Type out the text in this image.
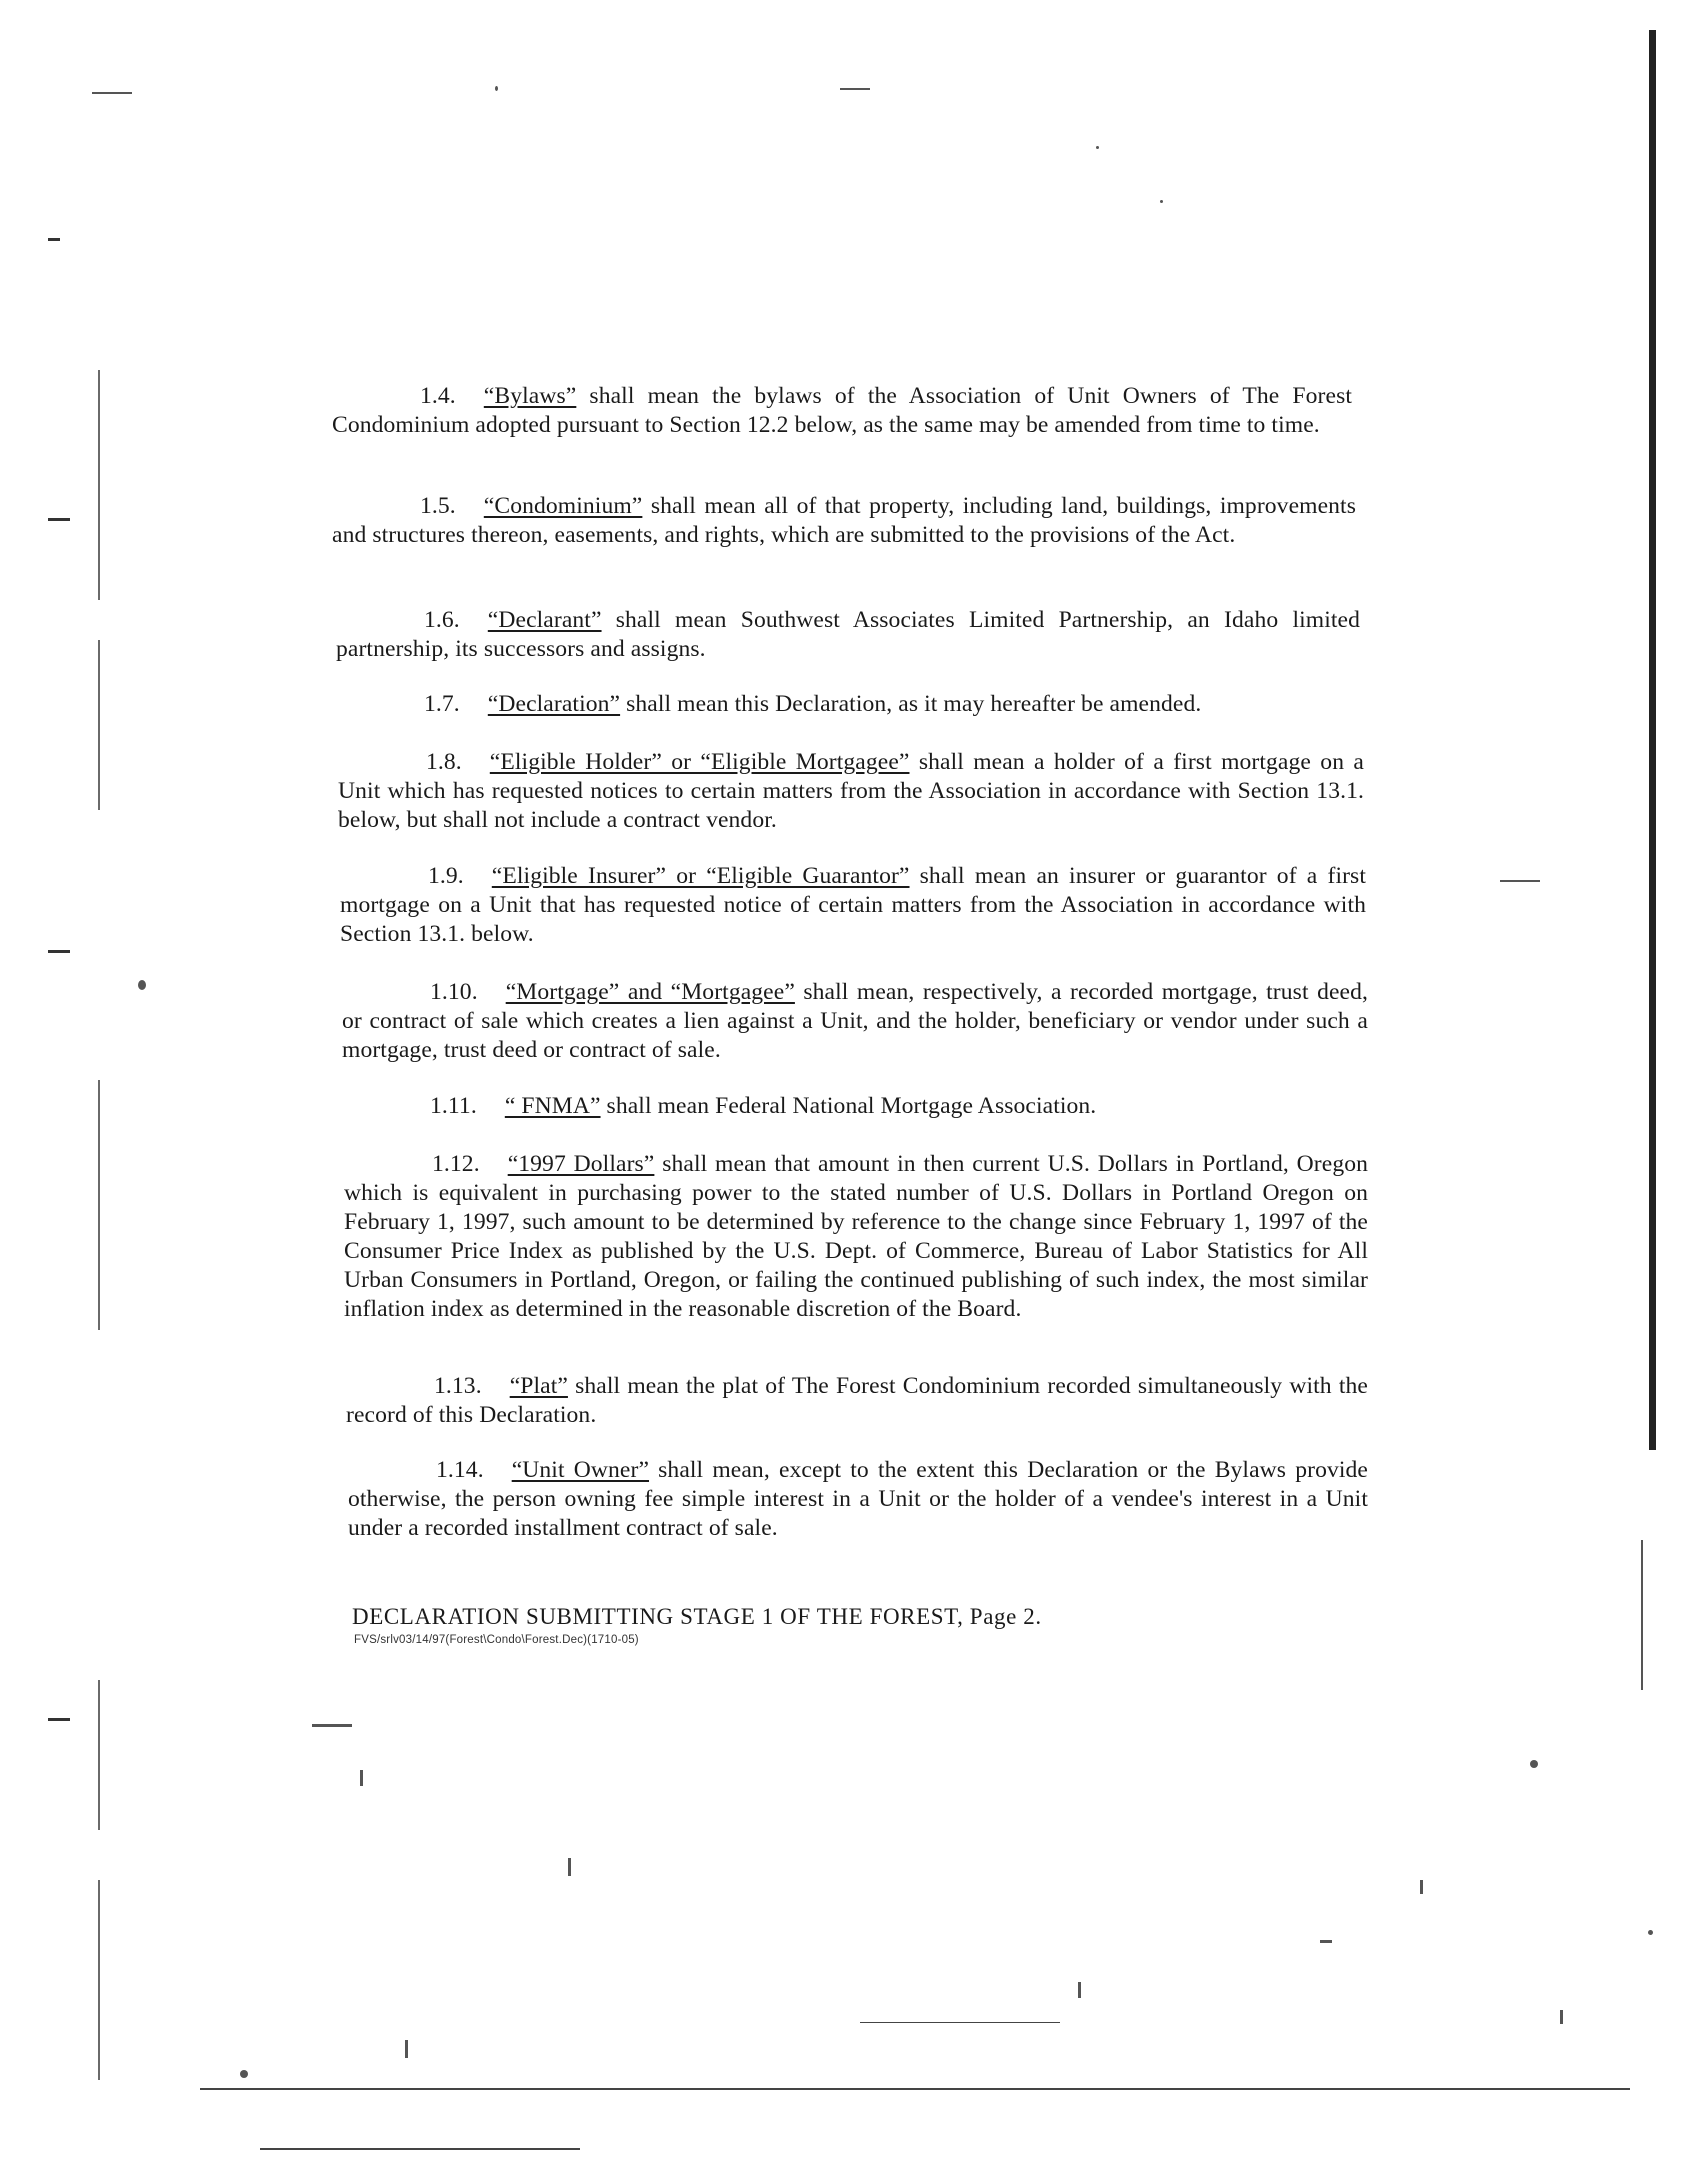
1.4. “Bylaws” shall mean the bylaws of the Association of Unit Owners of The Forest Condominium adopted pursuant to Section 12.2 below, as the same may be amended from time to time.

1.5. “Condominium” shall mean all of that property, including land, buildings, improvements and structures thereon, easements, and rights, which are submitted to the provisions of the Act.

1.6. “Declarant” shall mean Southwest Associates Limited Partnership, an Idaho limited partnership, its successors and assigns.

1.7. “Declaration” shall mean this Declaration, as it may hereafter be amended.

1.8. “Eligible Holder” or “Eligible Mortgagee” shall mean a holder of a first mortgage on a Unit which has requested notices to certain matters from the Association in accordance with Section 13.1. below, but shall not include a contract vendor.

1.9. “Eligible Insurer” or “Eligible Guarantor” shall mean an insurer or guarantor of a first mortgage on a Unit that has requested notice of certain matters from the Association in accordance with Section 13.1. below.

1.10. “Mortgage” and “Mortgagee” shall mean, respectively, a recorded mortgage, trust deed, or contract of sale which creates a lien against a Unit, and the holder, beneficiary or vendor under such a mortgage, trust deed or contract of sale.

1.11. “ FNMA” shall mean Federal National Mortgage Association.

1.12. “1997 Dollars” shall mean that amount in then current U.S. Dollars in Portland, Oregon which is equivalent in purchasing power to the stated number of U.S. Dollars in Portland Oregon on February 1, 1997, such amount to be determined by reference to the change since February 1, 1997 of the Consumer Price Index as published by the U.S. Dept. of Commerce, Bureau of Labor Statistics for All Urban Consumers in Portland, Oregon, or failing the continued publishing of such index, the most similar inflation index as determined in the reasonable discretion of the Board.

1.13. “Plat” shall mean the plat of The Forest Condominium recorded simultaneously with the record of this Declaration.

1.14. “Unit Owner” shall mean, except to the extent this Declaration or the Bylaws provide otherwise, the person owning fee simple interest in a Unit or the holder of a vendee's interest in a Unit under a recorded installment contract of sale.

DECLARATION SUBMITTING STAGE 1 OF THE FOREST, Page 2.
FVS/srlv03/14/97(Forest\Condo\Forest.Dec)(1710-05)
